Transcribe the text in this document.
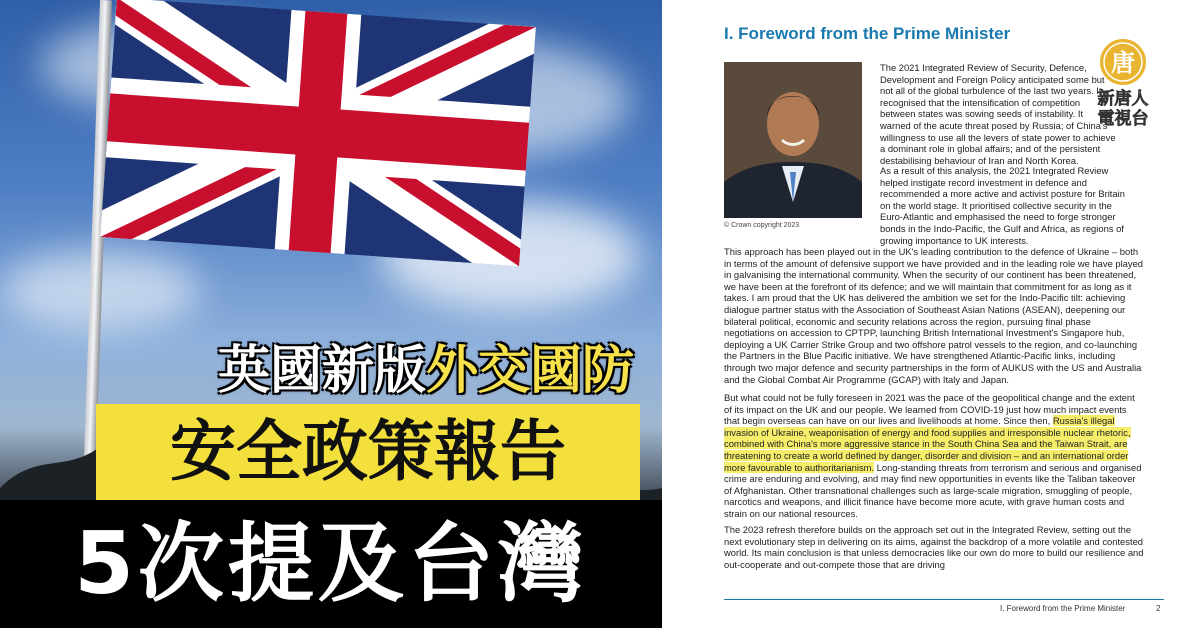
英國新版外交國防
安全政策報告
5次提及台灣
I. Foreword from the Prime Minister
© Crown copyright 2023

The 2021 Integrated Review of Security, Defence, Development and Foreign Policy anticipated some but not all of the global turbulence of the last two years. It recognised that the intensification of competition between states was sowing seeds of instability. It warned of the acute threat posed by Russia; of China's willingness to use all the levers of state power to achieve a dominant role in global affairs; and of the persistent destabilising behaviour of Iran and North Korea.

As a result of this analysis, the 2021 Integrated Review helped instigate record investment in defence and recommended a more active and activist posture for Britain on the world stage. It prioritised collective security in the Euro-Atlantic and emphasised the need to forge stronger bonds in the Indo-Pacific, the Gulf and Africa, as regions of growing importance to UK interests.

This approach has been played out in the UK's leading contribution to the defence of Ukraine – both in terms of the amount of defensive support we have provided and in the leading role we have played in galvanising the international community. When the security of our continent has been threatened, we have been at the forefront of its defence; and we will maintain that commitment for as long as it takes. I am proud that the UK has delivered the ambition we set for the Indo-Pacific tilt: achieving dialogue partner status with the Association of Southeast Asian Nations (ASEAN), deepening our bilateral political, economic and security relations across the region, pursuing final phase negotiations on accession to CPTPP, launching British International Investment's Singapore hub, deploying a UK Carrier Strike Group and two offshore patrol vessels to the region, and co-launching the Partners in the Blue Pacific initiative. We have strengthened Atlantic-Pacific links, including through two major defence and security partnerships in the form of AUKUS with the US and Australia and the Global Combat Air Programme (GCAP) with Italy and Japan.

But what could not be fully foreseen in 2021 was the pace of the geopolitical change and the extent of its impact on the UK and our people. We learned from COVID-19 just how much impact events that begin overseas can have on our lives and livelihoods at home. Since then, Russia's illegal invasion of Ukraine, weaponisation of energy and food supplies and irresponsible nuclear rhetoric, combined with China's more aggressive stance in the South China Sea and the Taiwan Strait, are threatening to create a world defined by danger, disorder and division – and an international order more favourable to authoritarianism. Long-standing threats from terrorism and serious and organised crime are enduring and evolving, and may find new opportunities in events like the Taliban takeover of Afghanistan. Other transnational challenges such as large-scale migration, smuggling of people, narcotics and weapons, and illicit finance have become more acute, with grave human costs and strain on our national resources.

The 2023 refresh therefore builds on the approach set out in the Integrated Review, setting out the next evolutionary step in delivering on its aims, against the backdrop of a more volatile and contested world. Its main conclusion is that unless democracies like our own do more to build our resilience and out-cooperate and out-compete those that are driving

I. Foreword from the Prime Minister	2
唐
新唐人
電視台
